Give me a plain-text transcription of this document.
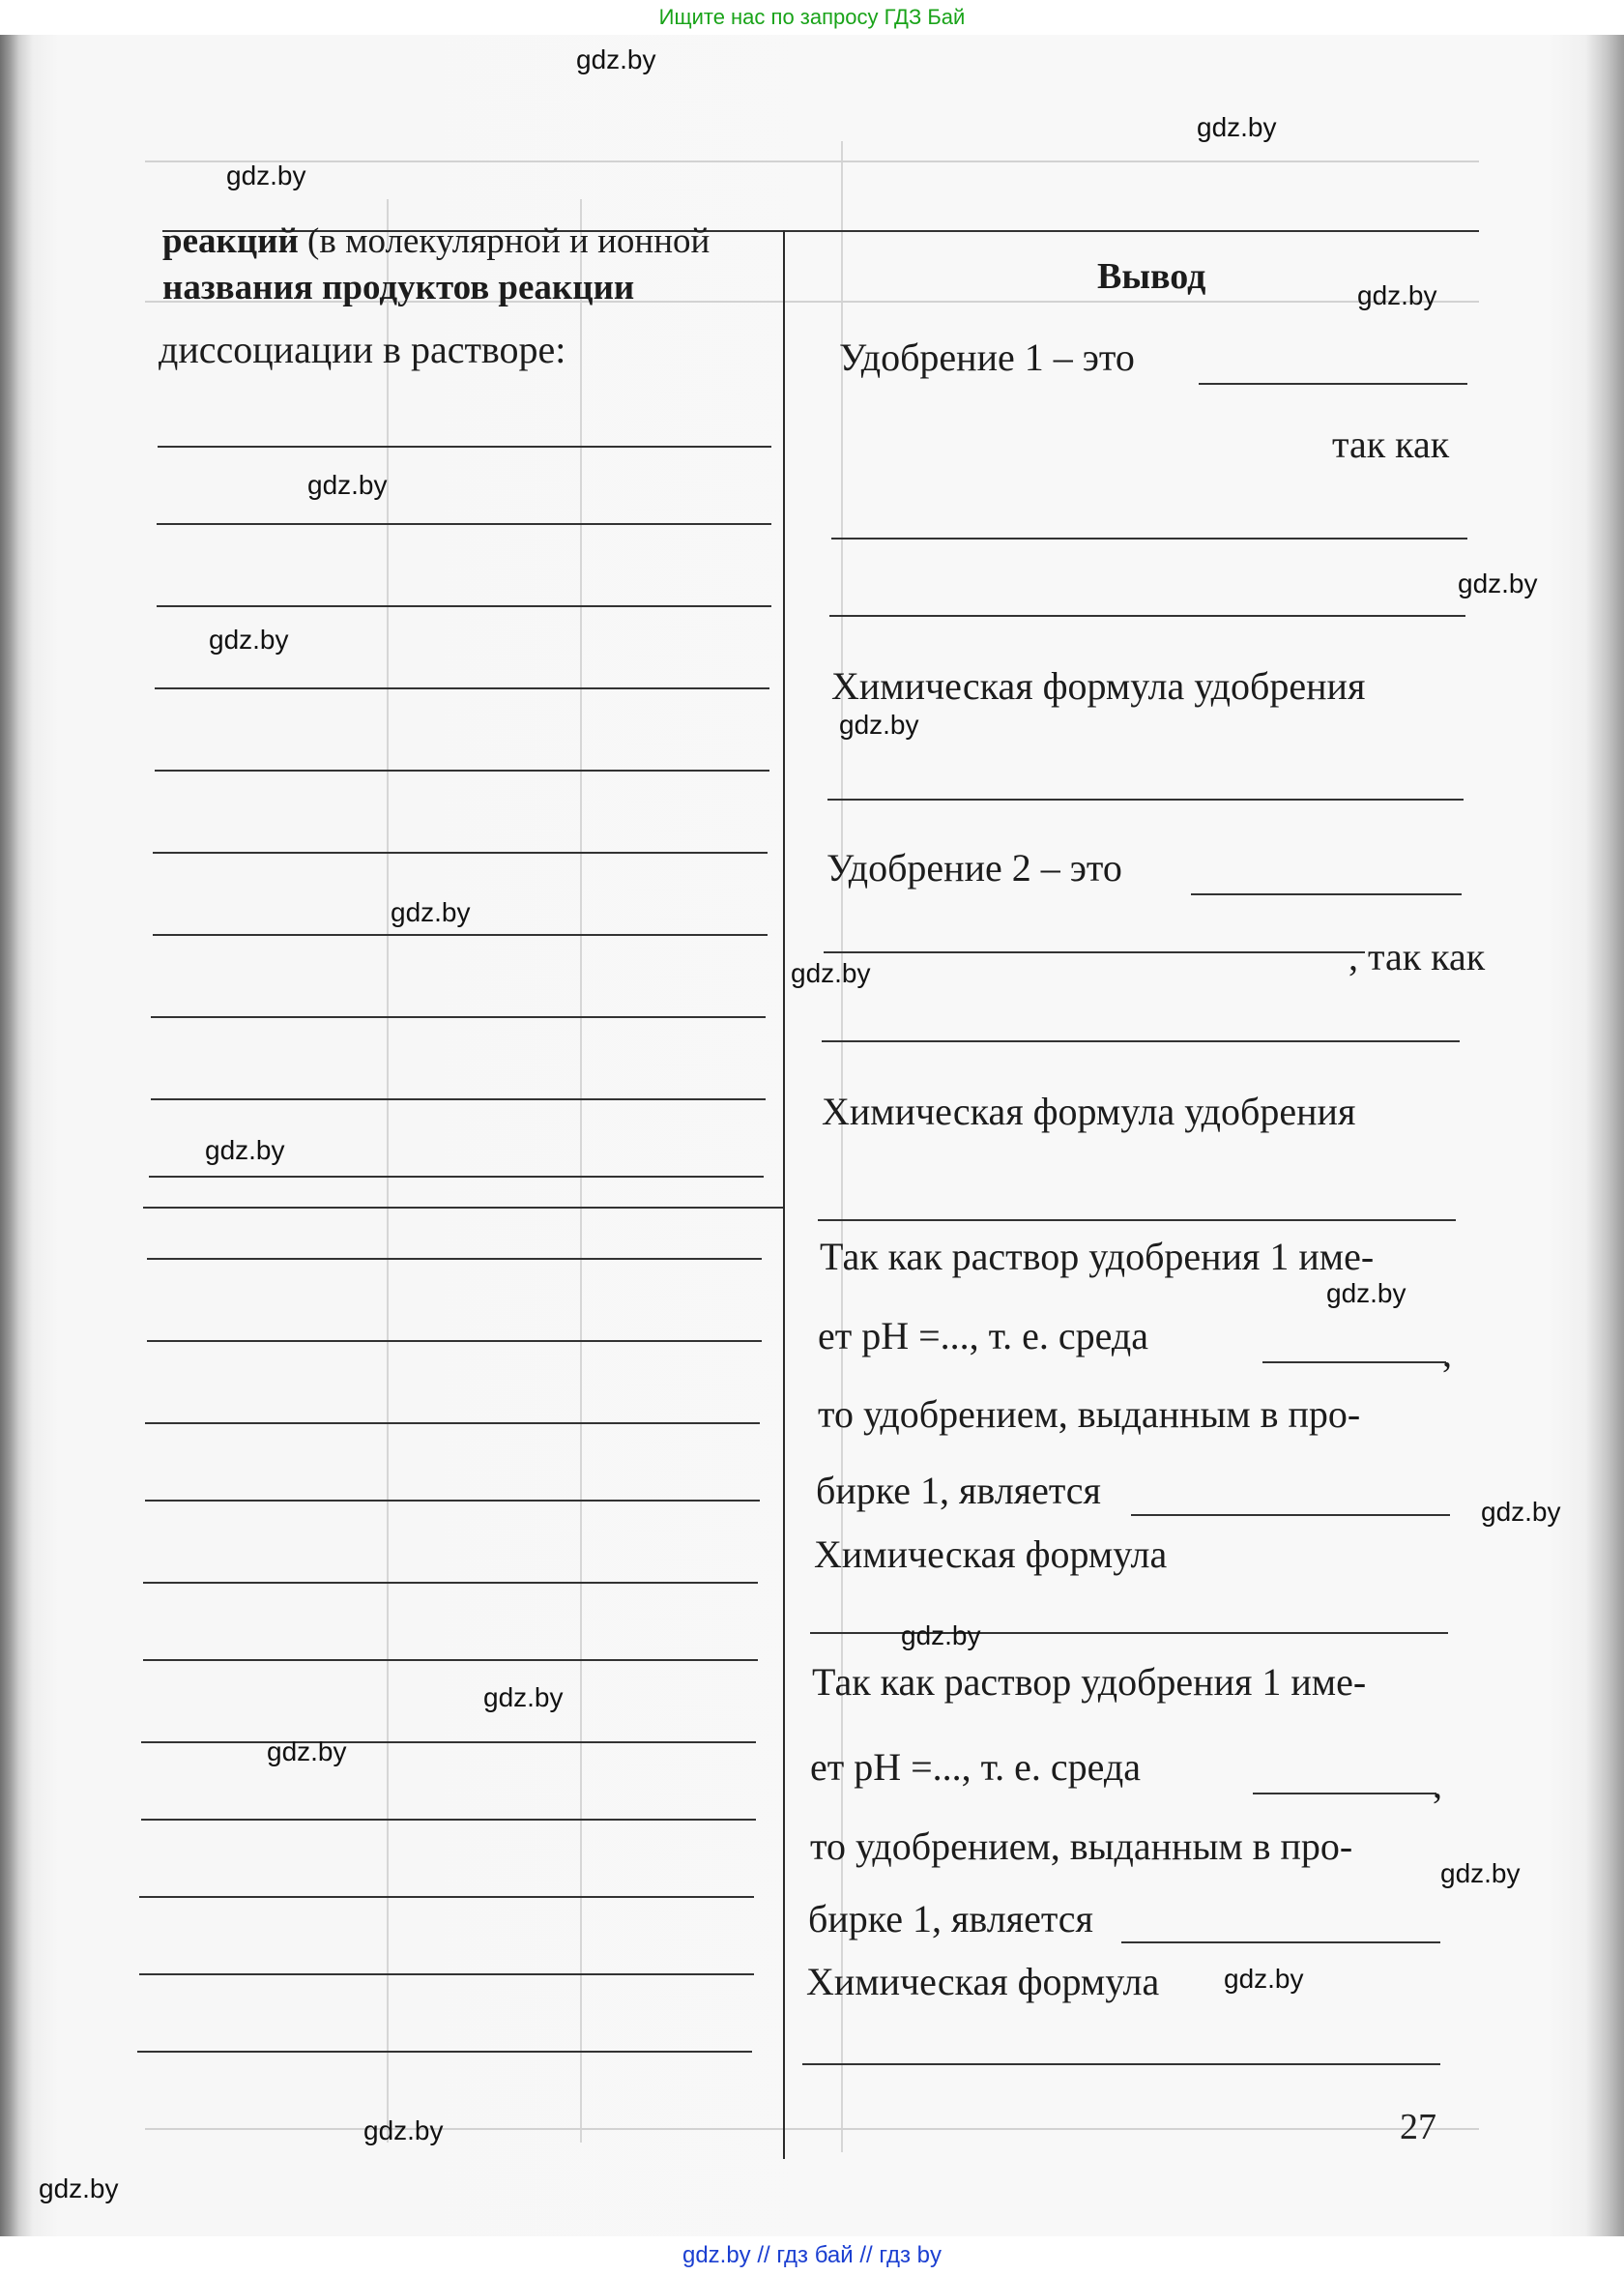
Ищите нас по запросу ГДЗ Бай
реакций (в молекулярной и ионной
названия продуктов реакции
диссоциации в растворе:
Вывод
Удобрение 1 – это
так как
Химическая формула удобрения
Удобрение 2 – это
, так как
Химическая формула удобрения
Так как раствор удобрения 1 име-
ет pH =..., т. е. среда	,
то удобрением, выданным в про-
бирке 1, является
Химическая формула
Так как раствор удобрения 1 име-
ет pH =..., т. е. среда	,
то удобрением, выданным в про-
бирке 1, является
Химическая формула
27
gdz.by
gdz.by
gdz.by
gdz.by
gdz.by
gdz.by
gdz.by
gdz.by
gdz.by
gdz.by
gdz.by
gdz.by
gdz.by
gdz.by
gdz.by
gdz.by
gdz.by
gdz.by
gdz.by
gdz.by
gdz.by // гдз бай // гдз by
